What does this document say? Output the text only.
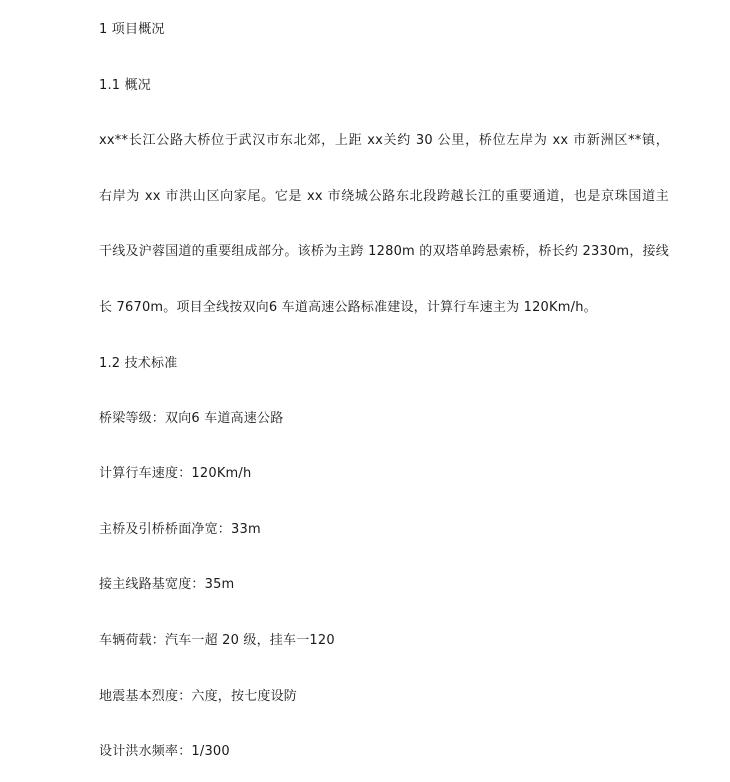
1 项目概况
1.1 概况
xx**长江公路大桥位于武汉市东北郊，上距 xx关约 30 公里，桥位左岸为 xx 市新洲区**镇，
右岸为 xx 市洪山区向家尾。它是 xx 市绕城公路东北段跨越长江的重要通道，也是京珠国道主
干线及沪蓉国道的重要组成部分。该桥为主跨 1280m 的双塔单跨悬索桥，桥长约 2330m，接线
长 7670m。项目全线按双向6 车道高速公路标准建设，计算行车速主为 120Km/h。
1.2 技术标准
桥梁等级：双向6 车道高速公路
计算行车速度：120Km/h
主桥及引桥桥面净宽：33m
接主线路基宽度：35m
车辆荷载：汽车一超 20 级，挂车一120
地震基本烈度：六度，按七度设防
设计洪水频率：1/300
